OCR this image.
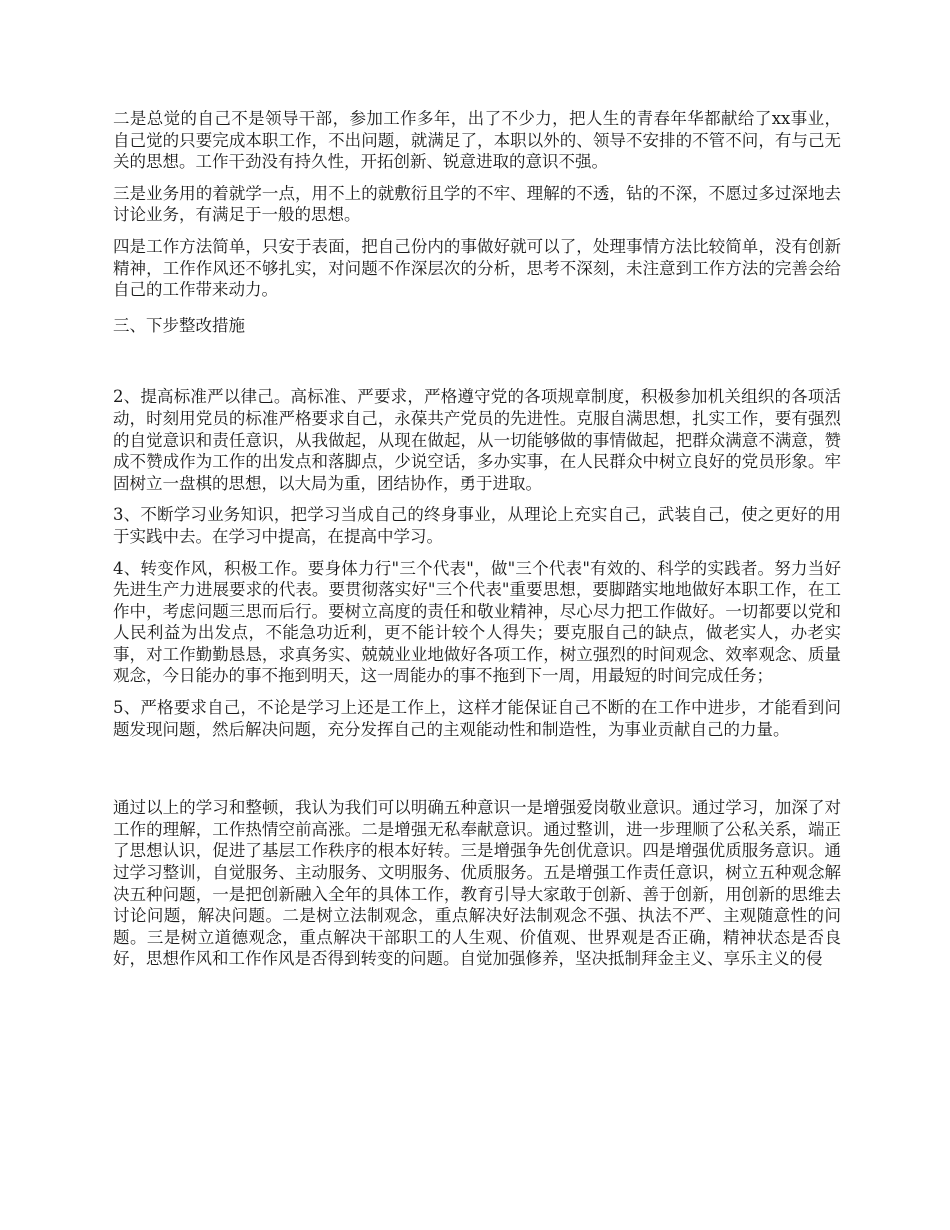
二是总觉的自己不是领导干部，参加工作多年，出了不少力，把人生的青春年华都献给了xx事业，自己觉的只要完成本职工作，不出问题，就满足了，本职以外的、领导不安排的不管不问，有与己无关的思想。工作干劲没有持久性，开拓创新、锐意进取的意识不强。

三是业务用的着就学一点，用不上的就敷衍且学的不牢、理解的不透，钻的不深，不愿过多过深地去讨论业务，有满足于一般的思想。

四是工作方法简单，只安于表面，把自己份内的事做好就可以了，处理事情方法比较简单，没有创新精神，工作作风还不够扎实，对问题不作深层次的分析，思考不深刻，未注意到工作方法的完善会给自己的工作带来动力。

三、下步整改措施

2、提高标准严以律己。高标准、严要求，严格遵守党的各项规章制度，积极参加机关组织的各项活动，时刻用党员的标准严格要求自己，永葆共产党员的先进性。克服自满思想，扎实工作，要有强烈的自觉意识和责任意识，从我做起，从现在做起，从一切能够做的事情做起，把群众满意不满意，赞成不赞成作为工作的出发点和落脚点，少说空话，多办实事，在人民群众中树立良好的党员形象。牢固树立一盘棋的思想，以大局为重，团结协作，勇于进取。

3、不断学习业务知识，把学习当成自己的终身事业，从理论上充实自己，武装自己，使之更好的用于实践中去。在学习中提高，在提高中学习。

4、转变作风，积极工作。要身体力行"三个代表"，做"三个代表"有效的、科学的实践者。努力当好先进生产力进展要求的代表。要贯彻落实好"三个代表"重要思想，要脚踏实地地做好本职工作，在工作中，考虑问题三思而后行。要树立高度的责任和敬业精神，尽心尽力把工作做好。一切都要以党和人民利益为出发点，不能急功近利，更不能计较个人得失；要克服自己的缺点，做老实人，办老实事，对工作勤勤恳恳，求真务实、兢兢业业地做好各项工作，树立强烈的时间观念、效率观念、质量观念，今日能办的事不拖到明天，这一周能办的事不拖到下一周，用最短的时间完成任务；

5、严格要求自己，不论是学习上还是工作上，这样才能保证自己不断的在工作中进步，才能看到问题发现问题，然后解决问题，充分发挥自己的主观能动性和制造性，为事业贡献自己的力量。

通过以上的学习和整顿，我认为我们可以明确五种意识一是增强爱岗敬业意识。通过学习，加深了对工作的理解，工作热情空前高涨。二是增强无私奉献意识。通过整训，进一步理顺了公私关系，端正了思想认识，促进了基层工作秩序的根本好转。三是增强争先创优意识。四是增强优质服务意识。通过学习整训，自觉服务、主动服务、文明服务、优质服务。五是增强工作责任意识，树立五种观念解决五种问题，一是把创新融入全年的具体工作，教育引导大家敢于创新、善于创新，用创新的思维去讨论问题，解决问题。二是树立法制观念，重点解决好法制观念不强、执法不严、主观随意性的问题。三是树立道德观念，重点解决干部职工的人生观、价值观、世界观是否正确，精神状态是否良好，思想作风和工作作风是否得到转变的问题。自觉加强修养，坚决抵制拜金主义、享乐主义的侵
